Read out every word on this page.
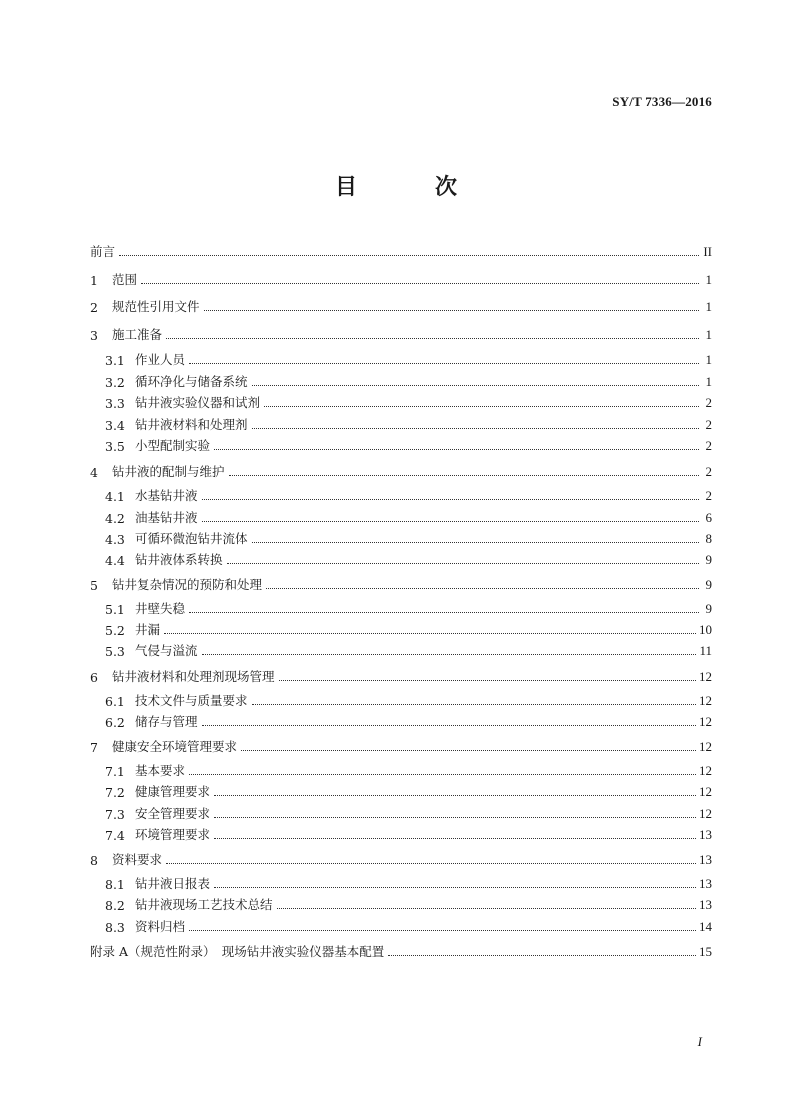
SY/T 7336—2016
目　次
前言	II
1	范围	1
2	规范性引用文件	1
3	施工准备	1
3.1 作业人员	1
3.2 循环净化与储备系统	1
3.3 钻井液实验仪器和试剂	2
3.4 钻井液材料和处理剂	2
3.5 小型配制实验	2
4	钻井液的配制与维护	2
4.1 水基钻井液	2
4.2 油基钻井液	6
4.3 可循环微泡钻井流体	8
4.4 钻井液体系转换	9
5	钻井复杂情况的预防和处理	9
5.1 井壁失稳	9
5.2 井漏	10
5.3 气侵与溢流	11
6	钻井液材料和处理剂现场管理	12
6.1 技术文件与质量要求	12
6.2 储存与管理	12
7	健康安全环境管理要求	12
7.1 基本要求	12
7.2 健康管理要求	12
7.3 安全管理要求	12
7.4 环境管理要求	13
8	资料要求	13
8.1 钻井液日报表	13
8.2 钻井液现场工艺技术总结	13
8.3 资料归档	14
附录 A（规范性附录）　现场钻井液实验仪器基本配置	15
I
